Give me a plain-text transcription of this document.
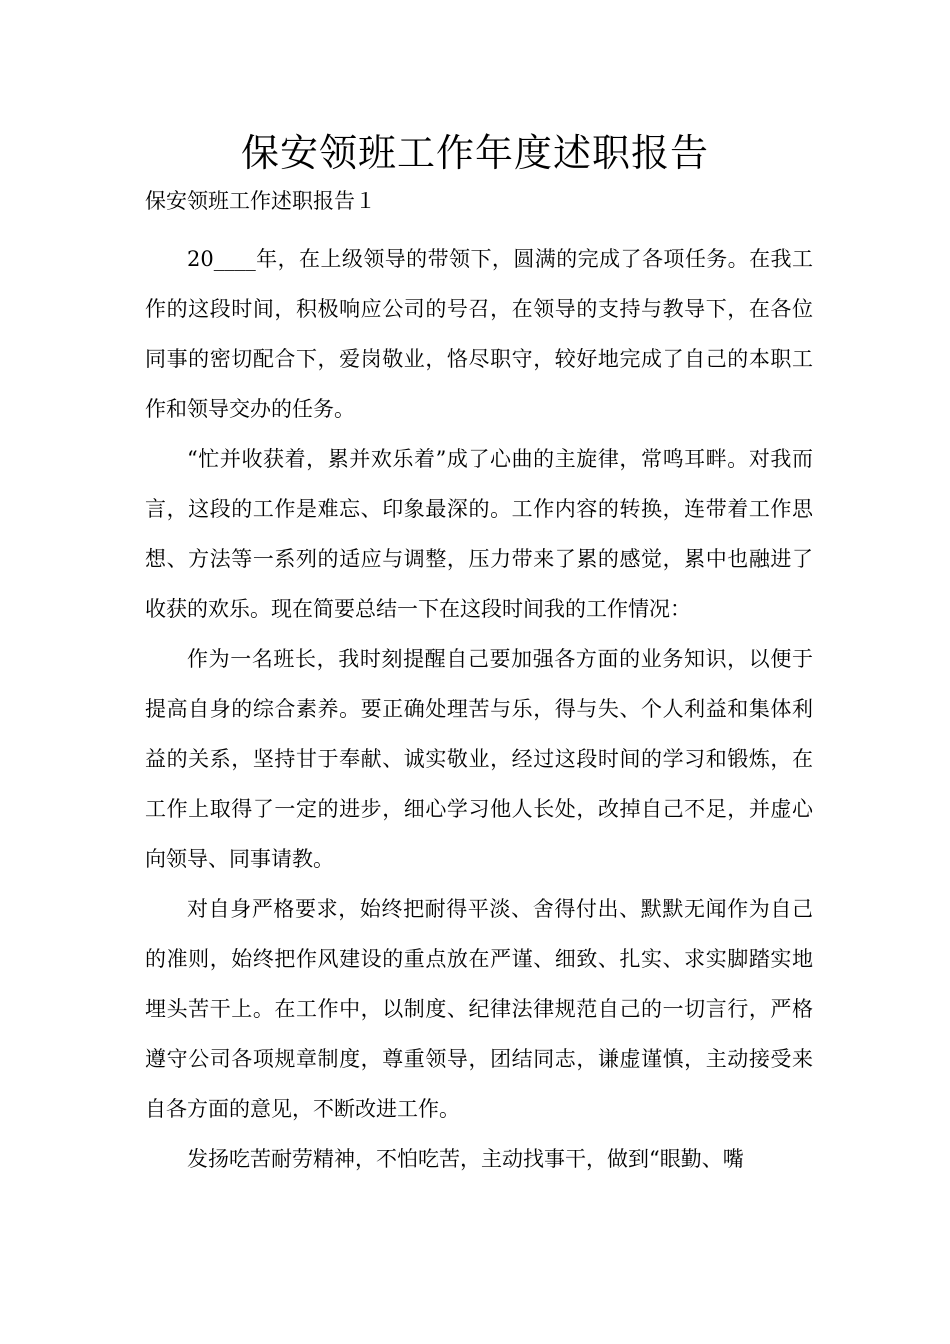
保安领班工作年度述职报告

保安领班工作述职报告１

20____年，在上级领导的带领下，圆满的完成了各项任务。在我工作的这段时间，积极响应公司的号召，在领导的支持与教导下，在各位同事的密切配合下，爱岗敬业，恪尽职守，较好地完成了自己的本职工作和领导交办的任务。

“忙并收获着，累并欢乐着”成了心曲的主旋律，常鸣耳畔。对我而言，这段的工作是难忘、印象最深的。工作内容的转换，连带着工作思想、方法等一系列的适应与调整，压力带来了累的感觉，累中也融进了收获的欢乐。现在简要总结一下在这段时间我的工作情况：

作为一名班长，我时刻提醒自己要加强各方面的业务知识，以便于提高自身的综合素养。要正确处理苦与乐，得与失、个人利益和集体利益的关系，坚持甘于奉献、诚实敬业，经过这段时间的学习和锻炼，在工作上取得了一定的进步，细心学习他人长处，改掉自己不足，并虚心向领导、同事请教。

对自身严格要求，始终把耐得平淡、舍得付出、默默无闻作为自己的准则，始终把作风建设的重点放在严谨、细致、扎实、求实脚踏实地埋头苦干上。在工作中，以制度、纪律法律规范自己的一切言行，严格遵守公司各项规章制度，尊重领导，团结同志，谦虚谨慎，主动接受来自各方面的意见，不断改进工作。

发扬吃苦耐劳精神，不怕吃苦，主动找事干，做到“眼勤、嘴
